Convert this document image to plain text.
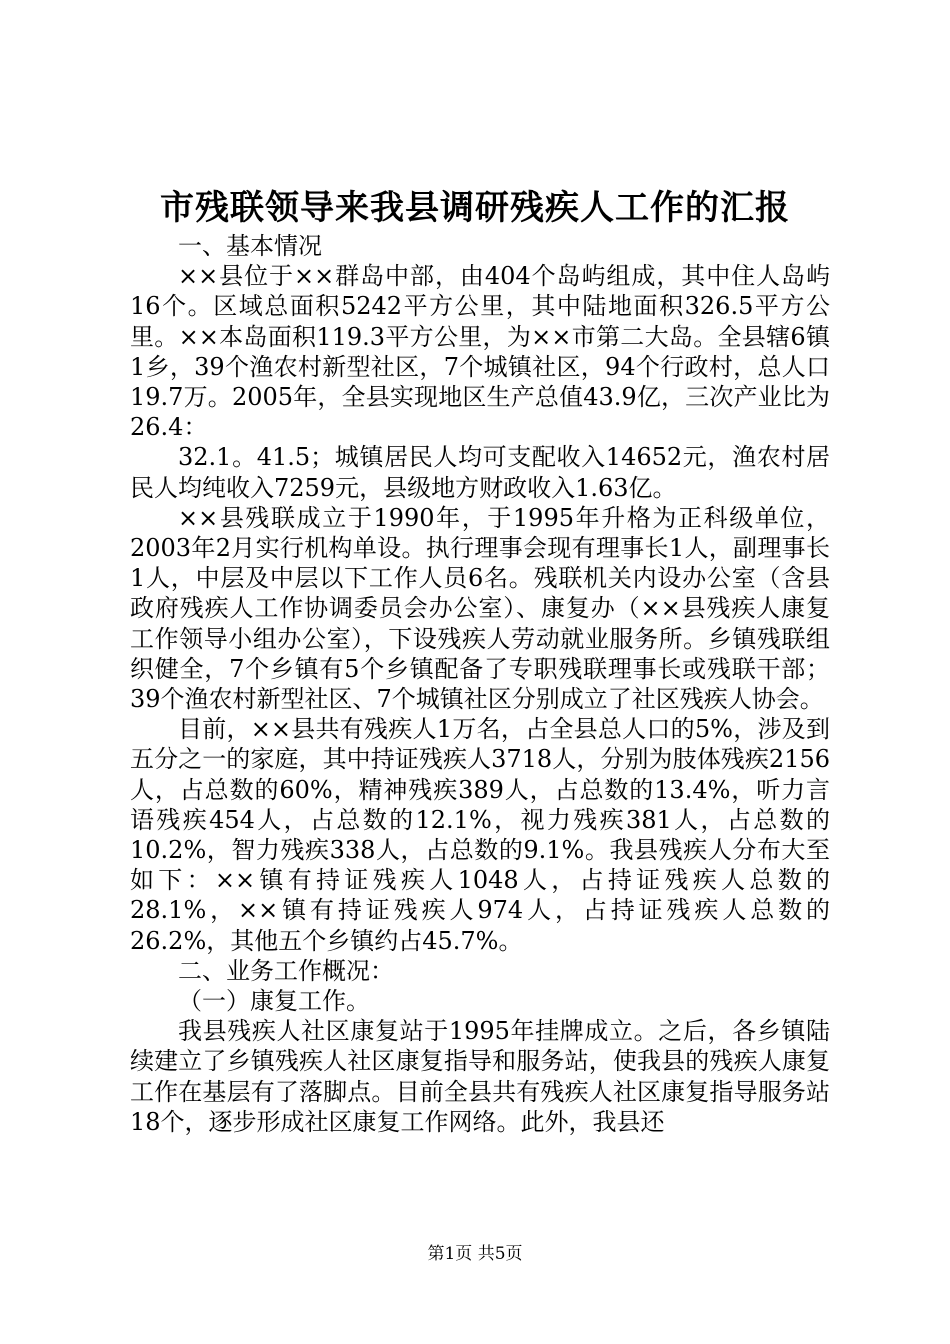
市残联领导来我县调研残疾人工作的汇报

一、基本情况

××县位于××群岛中部，由404个岛屿组成，其中住人岛屿16个。区域总面积5242平方公里，其中陆地面积326.5平方公里。××本岛面积119.3平方公里，为××市第二大岛。全县辖6镇1乡，39个渔农村新型社区，7个城镇社区，94个行政村，总人口19.7万。2005年，全县实现地区生产总值43.9亿，三次产业比为26.4：

32.1。41.5；城镇居民人均可支配收入14652元，渔农村居民人均纯收入7259元，县级地方财政收入1.63亿。

××县残联成立于1990年，于1995年升格为正科级单位，2003年2月实行机构单设。执行理事会现有理事长1人，副理事长1人，中层及中层以下工作人员6名。残联机关内设办公室（含县政府残疾人工作协调委员会办公室）、康复办（××县残疾人康复工作领导小组办公室），下设残疾人劳动就业服务所。乡镇残联组织健全，7个乡镇有5个乡镇配备了专职残联理事长或残联干部；39个渔农村新型社区、7个城镇社区分别成立了社区残疾人协会。

目前，××县共有残疾人1万名，占全县总人口的5%，涉及到五分之一的家庭，其中持证残疾人3718人，分别为肢体残疾2156人，占总数的60%，精神残疾389人，占总数的13.4%，听力言语残疾454人，占总数的12.1%，视力残疾381人，占总数的10.2%，智力残疾338人，占总数的9.1%。我县残疾人分布大至如下：××镇有持证残疾人1048人，占持证残疾人总数的28.1%，××镇有持证残疾人974人，占持证残疾人总数的26.2%，其他五个乡镇约占45.7%。

二、业务工作概况：

（一）康复工作。

我县残疾人社区康复站于1995年挂牌成立。之后，各乡镇陆续建立了乡镇残疾人社区康复指导和服务站，使我县的残疾人康复工作在基层有了落脚点。目前全县共有残疾人社区康复指导服务站18个，逐步形成社区康复工作网络。此外，我县还

第1页 共5页
